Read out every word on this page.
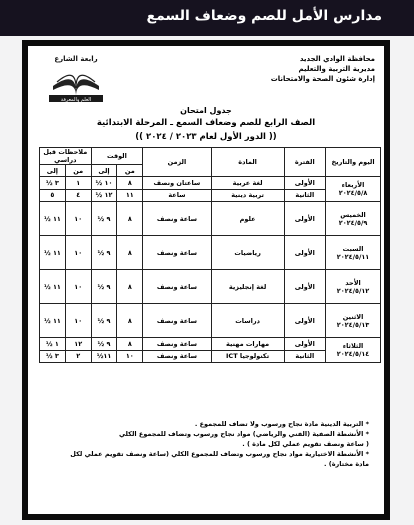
مدارس الأمل للصم وضعاف السمع
محافظة الوادي الجديد
مديرية التربية والتعليم
إدارة شئون الصحة والامتحانات
رابعة الشارع
العلم والمعرفة
جدول امتحان
الصف الرابع للصم وضعاف السمع ـ المرحلة الابتدائية
(( الدور الأول لعام ٢٠٢٣ / ٢٠٢٤ ))
اليوم والتاريخ	الفترة	المادة	الزمن	الوقت		ملاحظات قبل دراسي	
				من	إلى	من	إلى

الأربعاء
٢٠٢٤/٥/٨	الأولى	لغة عربية	ساعتان ونصف	٨	١٠ ½	١	٣ ½
	الثانية	تربية دينية	ساعة	١١	١٢ ½	٤	٥

الخميس
٢٠٢٤/٥/٩	الأولى	علوم	ساعة ونصف	٨	٩ ½	١٠	١١ ½

السبت
٢٠٢٤/٥/١١	الأولى	رياضيات	ساعة ونصف	٨	٩ ½	١٠	١١ ½

الأحد
٢٠٢٤/٥/١٢	الأولى	لغة إنجليزية	ساعة ونصف	٨	٩ ½	١٠	١١ ½

الاثنين
٢٠٢٤/٥/١٣	الأولى	دراسات	ساعة ونصف	٨	٩ ½	١٠	١١ ½

الثلاثاء
٢٠٢٤/٥/١٤	الأولى	مهارات مهنية	ساعة ونصف	٨	٩ ½	١٢	١ ½
	الثانية	تكنولوجيا ICT	ساعة ونصف	١٠	١١½	٢	٣ ½

* التربية الدينية مادة نجاح ورسوب ولا تضاف للمجموع .

* الأنشطة الصفية (الفني والرياضي) مواد نجاح ورسوب وتضاف للمجموع الكلي

( ساعة ونصف تقويم عملي لكل مادة ) .

* الأنشطة الاختيارية مواد نجاح ورسوب وتضاف للمجموع الكلي (ساعة ونصف تقويم عملي لكل

مادة مختارة) .
